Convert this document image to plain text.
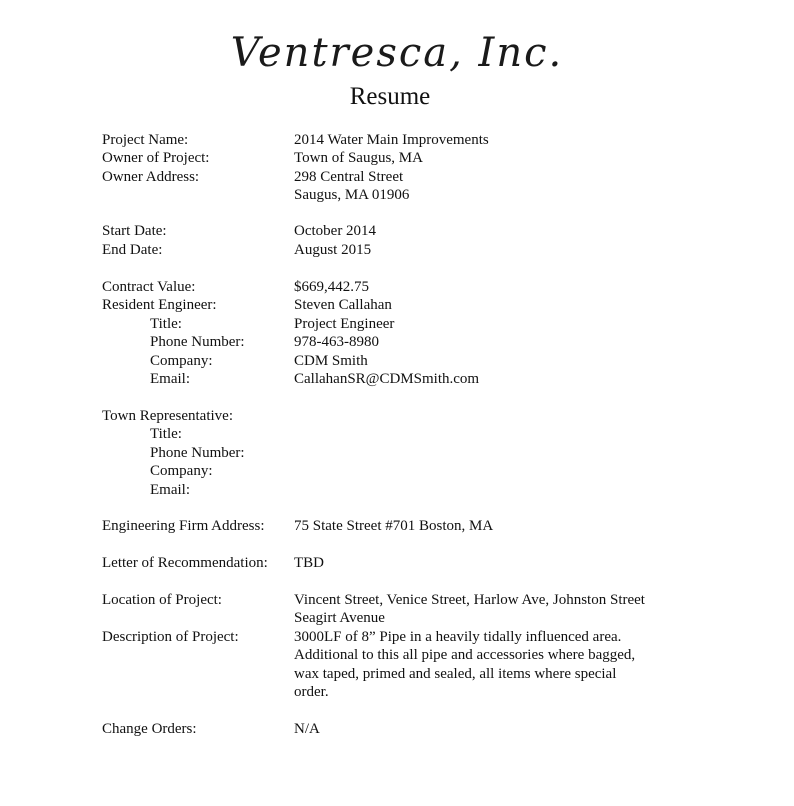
Ventresca, Inc.
Resume
Project Name:	2014 Water Main Improvements
Owner of Project:	Town of Saugus, MA
Owner Address:	298 Central Street
Saugus, MA 01906
Start Date:	October 2014
End Date:	August 2015
Contract Value:	$669,442.75
Resident Engineer:	Steven Callahan
Title:	Project Engineer
Phone Number:	978-463-8980
Company:	CDM Smith
Email:	CallahanSR@CDMSmith.com
Town Representative:
Title:
Phone Number:
Company:
Email:
Engineering Firm Address: 75 State Street #701 Boston, MA
Letter of Recommendation: TBD
Location of Project:	Vincent Street, Venice Street, Harlow Ave, Johnston Street
Seagirt Avenue
Description of Project:	3000LF of 8” Pipe in a heavily tidally influenced area.
Additional to this all pipe and accessories where bagged,
wax taped, primed and sealed, all items where special
order.
Change Orders:	N/A
